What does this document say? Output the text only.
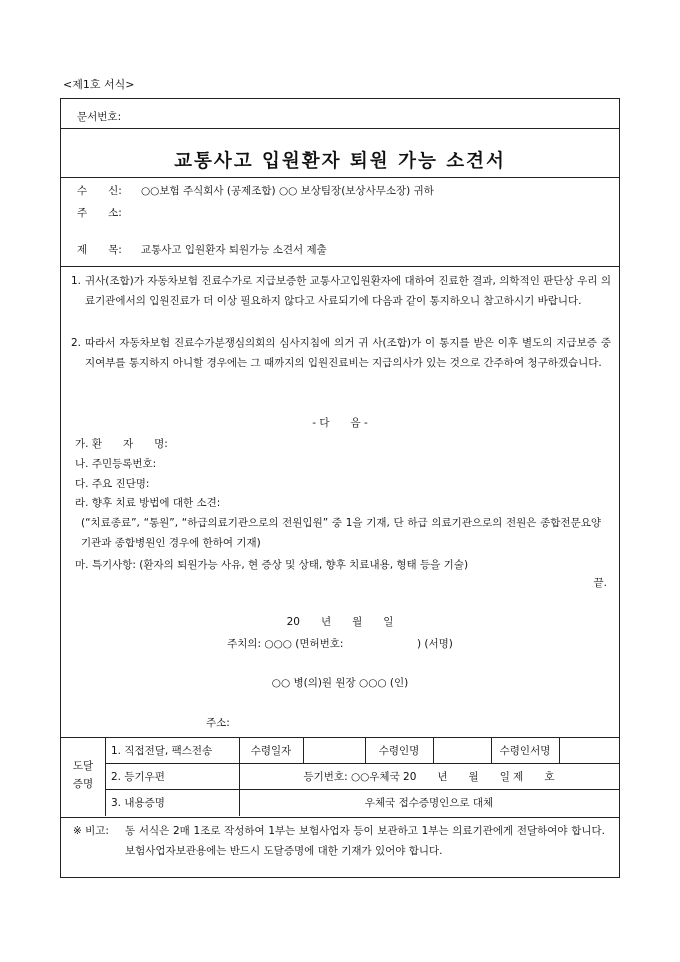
<제1호 서식>
문서번호:
교통사고 입원환자 퇴원 가능 소견서
수　　신: ○○보험 주식회사 (공제조합) ○○ 보상팀장(보상사무소장) 귀하
주　　소:
제　　목: 교통사고 입원환자 퇴원가능 소견서 제출
1. 귀사(조합)가 자동차보험 진료수가로 지급보증한 교통사고입원환자에 대하여 진료한 결과, 의학적인 판단상 우리 의료기관에서의 입원진료가 더 이상 필요하지 않다고 사료되기에 다음과 같이 통지하오니 참고하시기 바랍니다.
2. 따라서 자동차보험 진료수가분쟁심의회의 심사지침에 의거 귀 사(조합)가 이 통지를 받은 이후 별도의 지급보증 중지여부를 통지하지 아니할 경우에는 그 때까지의 입원진료비는 지급의사가 있는 것으로 간주하여 청구하겠습니다.
- 다　　음 -
가. 환　　자　　명:
나. 주민등록번호:
다. 주요 진단명:
라. 향후 치료 방법에 대한 소견:
(“치료종료”, “통원”, “하급의료기관으로의 전원입원” 중 1을 기재, 단 하급 의료기관으로의 전원은 종합전문요양기관과 종합병원인 경우에 한하여 기재)
마. 특기사항: (환자의 퇴원가능 사유, 현 증상 및 상태, 향후 치료내용, 형태 등을 기술)
끝.
20　　년　　월　　일
주치의: ○○○ (면허번호:　　　　　　　) (서명)
○○ 병(의)원 원장 ○○○ (인)
주소:
도달
증명
1. 직접전달, 팩스전송	수령일자	수령인명	수령인서명
2. 등기우편	등기번호: ○○우체국 20　　년　　월　　일 제　　호
3. 내용증명	우체국 접수증명인으로 대체
※ 비고: 동 서식은 2매 1조로 작성하여 1부는 보험사업자 등이 보관하고 1부는 의료기관에게 전달하여야 합니다. 보험사업자보관용에는 반드시 도달증명에 대한 기재가 있어야 합니다.
